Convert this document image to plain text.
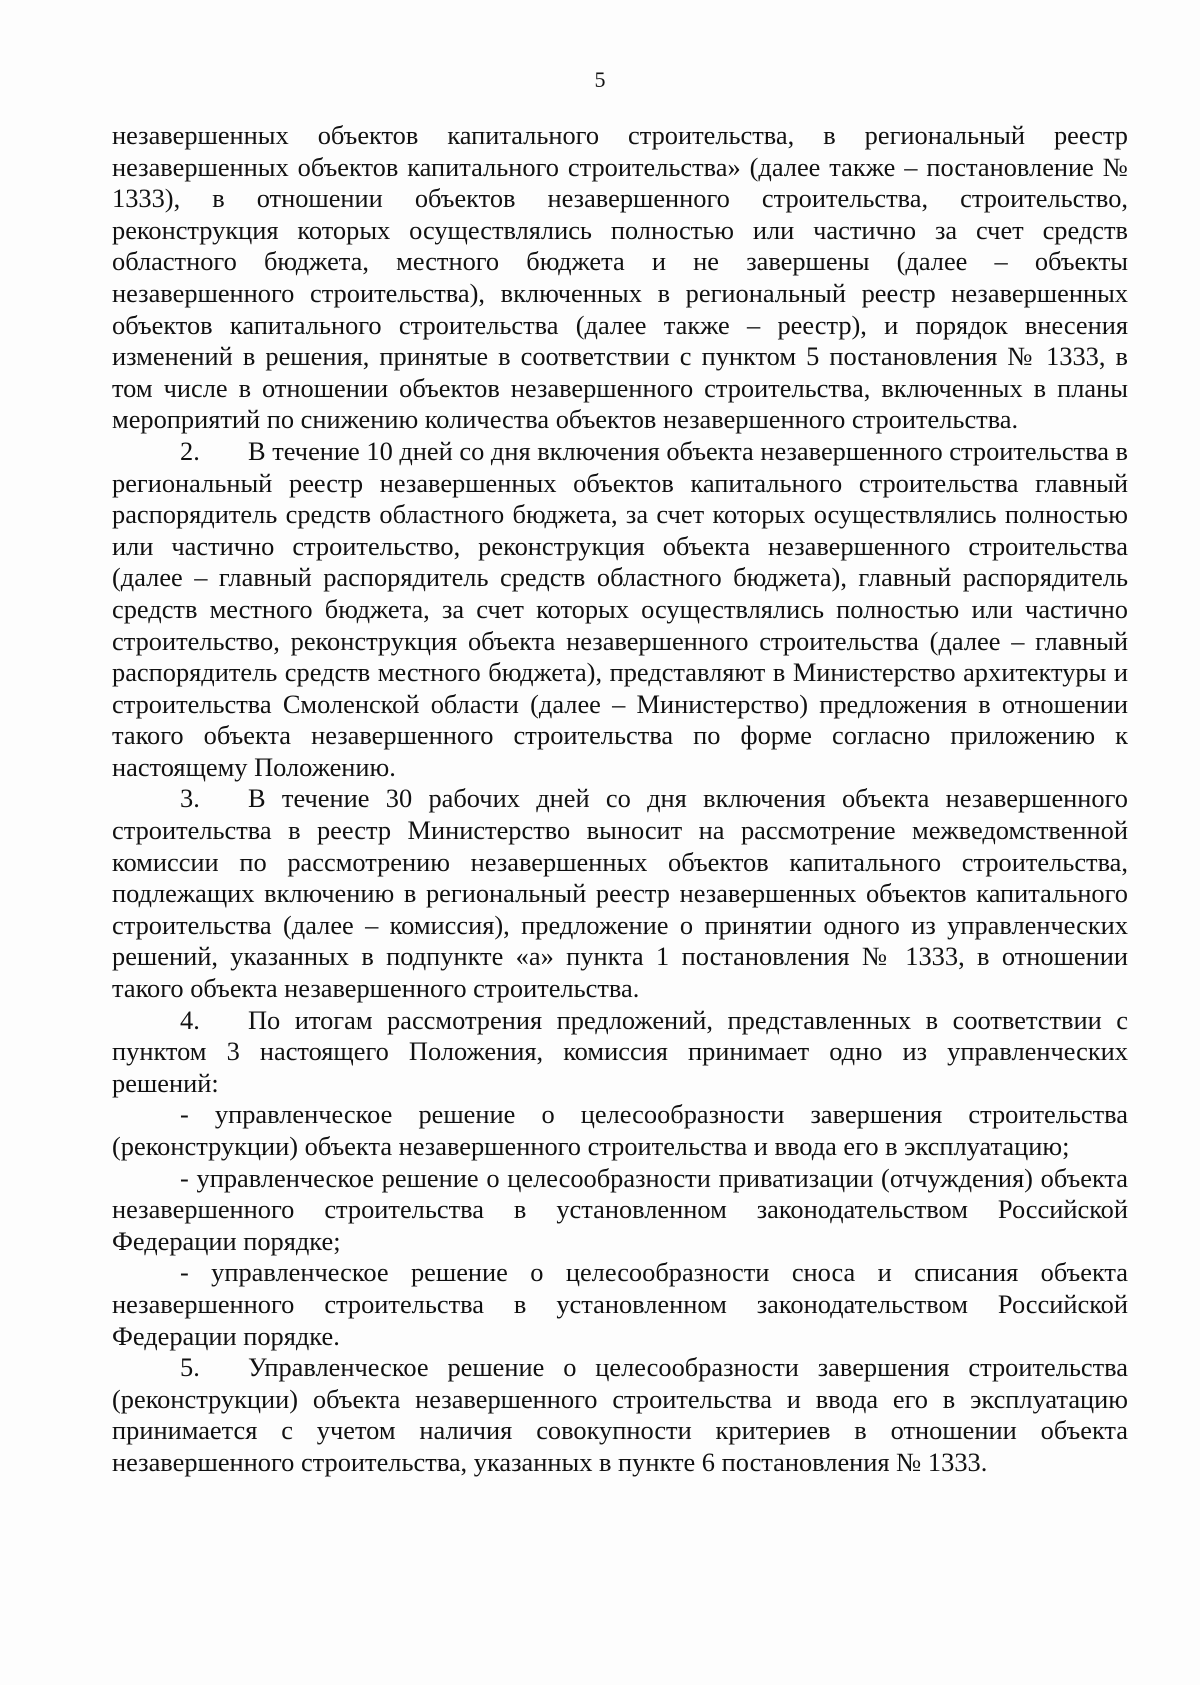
5

незавершенных объектов капитального строительства, в региональный реестр незавершенных объектов капитального строительства» (далее также – постановление № 1333), в отношении объектов незавершенного строительства, строительство, реконструкция которых осуществлялись полностью или частично за счет средств областного бюджета, местного бюджета и не завершены (далее – объекты незавершенного строительства), включенных в региональный реестр незавершенных объектов капитального строительства (далее также – реестр), и порядок внесения изменений в решения, принятые в соответствии с пунктом 5 постановления № 1333, в том числе в отношении объектов незавершенного строительства, включенных в планы мероприятий по снижению количества объектов незавершенного строительства.

2. В течение 10 дней со дня включения объекта незавершенного строительства в региональный реестр незавершенных объектов капитального строительства главный распорядитель средств областного бюджета, за счет которых осуществлялись полностью или частично строительство, реконструкция объекта незавершенного строительства (далее – главный распорядитель средств областного бюджета), главный распорядитель средств местного бюджета, за счет которых осуществлялись полностью или частично строительство, реконструкция объекта незавершенного строительства (далее – главный распорядитель средств местного бюджета), представляют в Министерство архитектуры и строительства Смоленской области (далее – Министерство) предложения в отношении такого объекта незавершенного строительства по форме согласно приложению к настоящему Положению.

3. В течение 30 рабочих дней со дня включения объекта незавершенного строительства в реестр Министерство выносит на рассмотрение межведомственной комиссии по рассмотрению незавершенных объектов капитального строительства, подлежащих включению в региональный реестр незавершенных объектов капитального строительства (далее – комиссия), предложение о принятии одного из управленческих решений, указанных в подпункте «а» пункта 1 постановления № 1333, в отношении такого объекта незавершенного строительства.

4. По итогам рассмотрения предложений, представленных в соответствии с пунктом 3 настоящего Положения, комиссия принимает одно из управленческих решений:

- управленческое решение о целесообразности завершения строительства (реконструкции) объекта незавершенного строительства и ввода его в эксплуатацию;

- управленческое решение о целесообразности приватизации (отчуждения) объекта незавершенного строительства в установленном законодательством Российской Федерации порядке;

- управленческое решение о целесообразности сноса и списания объекта незавершенного строительства в установленном законодательством Российской Федерации порядке.

5. Управленческое решение о целесообразности завершения строительства (реконструкции) объекта незавершенного строительства и ввода его в эксплуатацию принимается с учетом наличия совокупности критериев в отношении объекта незавершенного строительства, указанных в пункте 6 постановления № 1333.
